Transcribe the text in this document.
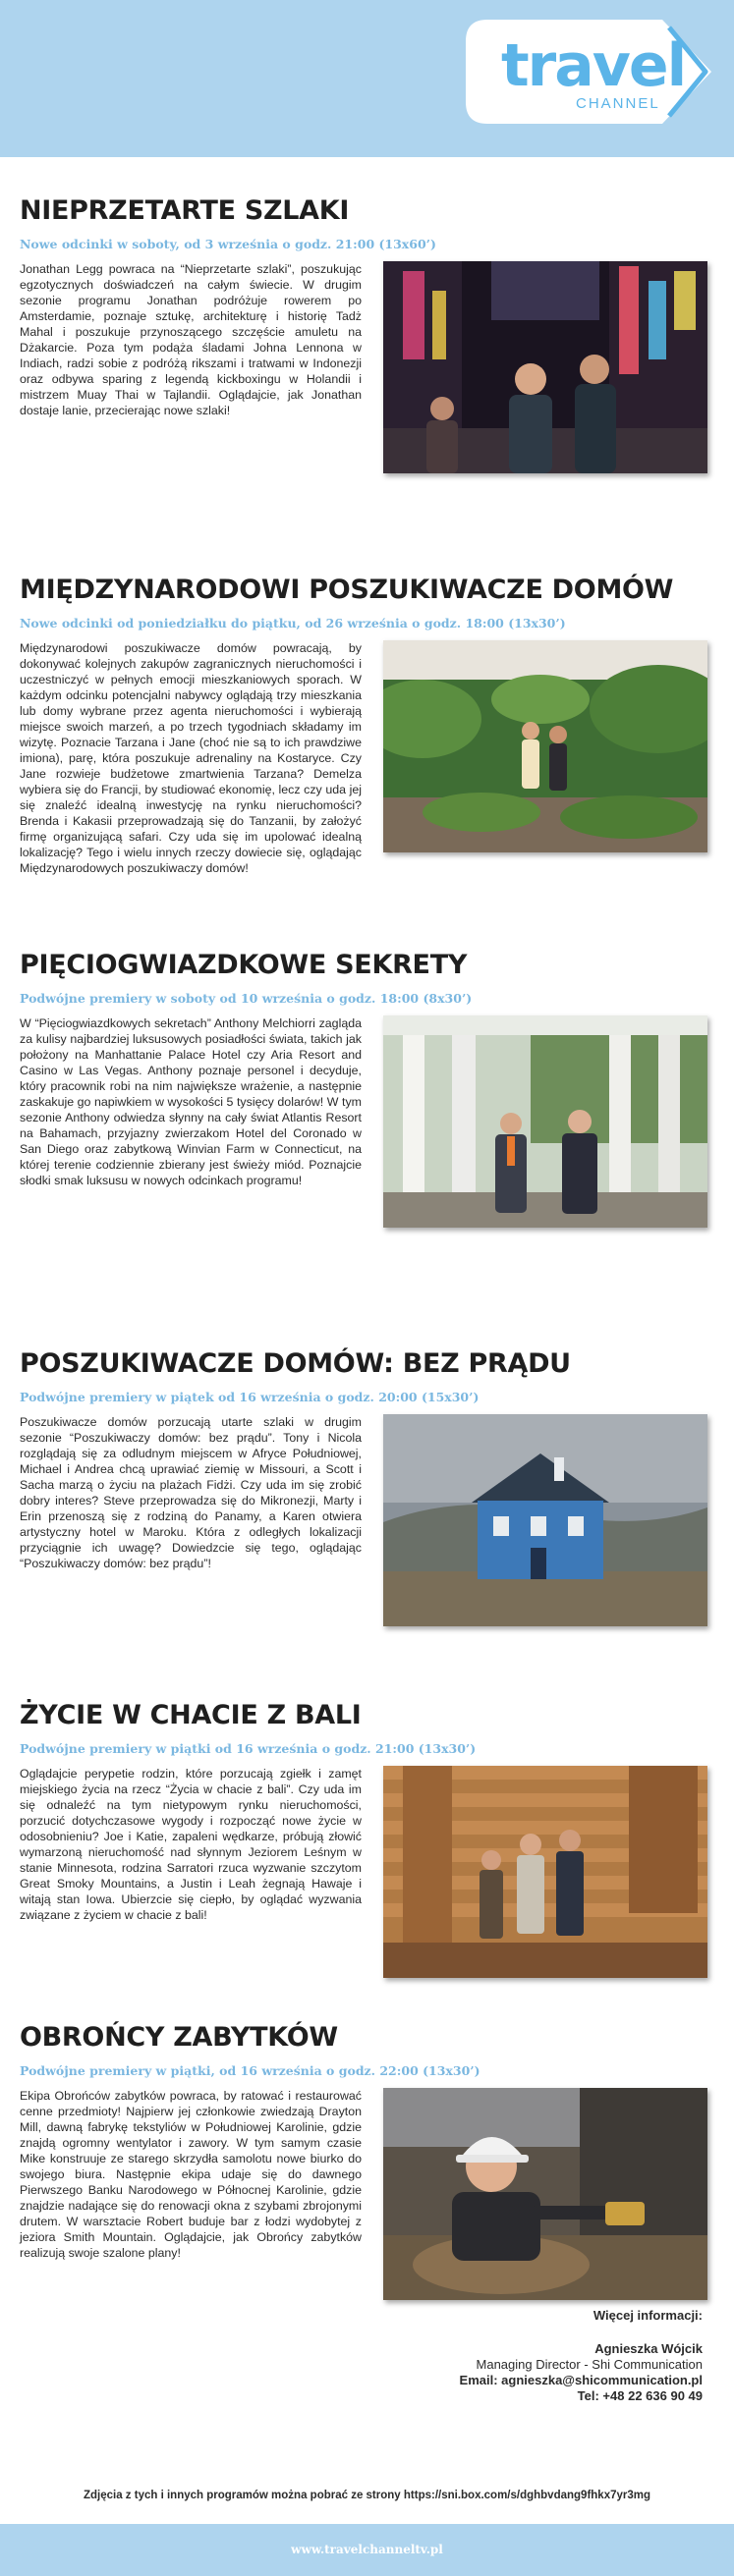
travel
CHANNEL
NIEPRZETARTE SZLAKI
Nowe odcinki w soboty, od 3 września o godz. 21:00 (13x60’)
Jonathan Legg powraca na “Nieprzetarte szlaki”, poszukując egzotycznych doświadczeń na całym świecie. W drugim sezonie programu Jonathan podróżuje rowerem po Amsterdamie, poznaje sztukę, architekturę i historię Tadż Mahal i poszukuje przynoszącego szczęście amuletu na Dżakarcie. Poza tym podąża śladami Johna Lennona w Indiach, radzi sobie z podróżą rikszami i tratwami w Indonezji oraz odbywa sparing z legendą kickboxingu w Holandii i mistrzem Muay Thai w Tajlandii. Oglądajcie, jak Jonathan dostaje lanie, przecierając nowe szlaki!
MIĘDZYNARODOWI POSZUKIWACZE DOMÓW
Nowe odcinki od poniedziałku do piątku, od 26 września o godz. 18:00 (13x30’)
Międzynarodowi poszukiwacze domów powracają, by dokonywać kolejnych zakupów zagranicznych nieruchomości i uczestniczyć w pełnych emocji mieszkaniowych sporach. W każdym odcinku potencjalni nabywcy oglądają trzy mieszkania lub domy wybrane przez agenta nieruchomości i wybierają miejsce swoich marzeń, a po trzech tygodniach składamy im wizytę. Poznacie Tarzana i Jane (choć nie są to ich prawdziwe imiona), parę, która poszukuje adrenaliny na Kostaryce. Czy Jane rozwieje budżetowe zmartwienia Tarzana? Demelza wybiera się do Francji, by studiować ekonomię, lecz czy uda jej się znaleźć idealną inwestycję na rynku nieruchomości? Brenda i Kakasii przeprowadzają się do Tanzanii, by założyć firmę organizującą safari. Czy uda się im upolować idealną lokalizację? Tego i wielu innych rzeczy dowiecie się, oglądając Międzynarodowych poszukiwaczy domów!
PIĘCIOGWIAZDKOWE SEKRETY
Podwójne premiery w soboty od 10 września o godz. 18:00 (8x30’)
W “Pięciogwiazdkowych sekretach” Anthony Melchiorri zagląda za kulisy najbardziej luksusowych posiadłości świata, takich jak położony na Manhattanie Palace Hotel czy Aria Resort and Casino w Las Vegas. Anthony poznaje personel i decyduje, który pracownik robi na nim największe wrażenie, a następnie zaskakuje go napiwkiem w wysokości 5 tysięcy dolarów! W tym sezonie Anthony odwiedza słynny na cały świat Atlantis Resort na Bahamach, przyjazny zwierzakom Hotel del Coronado w San Diego oraz zabytkową Winvian Farm w Connecticut, na której terenie codziennie zbierany jest świeży miód. Poznajcie słodki smak luksusu w nowych odcinkach programu!
POSZUKIWACZE DOMÓW: BEZ PRĄDU
Podwójne premiery w piątek od 16 września o godz. 20:00 (15x30’)
Poszukiwacze domów porzucają utarte szlaki w drugim sezonie “Poszukiwaczy domów: bez prądu”. Tony i Nicola rozglądają się za odludnym miejscem w Afryce Południowej, Michael i Andrea chcą uprawiać ziemię w Missouri, a Scott i Sacha marzą o życiu na plażach Fidżi. Czy uda im się zrobić dobry interes? Steve przeprowadza się do Mikronezji, Marty i Erin przenoszą się z rodziną do Panamy, a Karen otwiera artystyczny hotel w Maroku. Która z odległych lokalizacji przyciągnie ich uwagę? Dowiedzcie się tego, oglądając “Poszukiwaczy domów: bez prądu”!
ŻYCIE W CHACIE Z BALI
Podwójne premiery w piątki od 16 września o godz. 21:00 (13x30’)
Oglądajcie perypetie rodzin, które porzucają zgiełk i zamęt miejskiego życia na rzecz “Życia w chacie z bali”. Czy uda im się odnaleźć na tym nietypowym rynku nieruchomości, porzucić dotychczasowe wygody i rozpocząć nowe życie w odosobnieniu? Joe i Katie, zapaleni wędkarze, próbują złowić wymarzoną nieruchomość nad słynnym Jeziorem Leśnym w stanie Minnesota, rodzina Sarratori rzuca wyzwanie szczytom Great Smoky Mountains, a Justin i Leah żegnają Hawaje i witają stan Iowa. Ubierzcie się ciepło, by oglądać wyzwania związane z życiem w chacie z bali!
OBROŃCY ZABYTKÓW
Podwójne premiery w piątki, od 16 września o godz. 22:00 (13x30’)
Ekipa Obrońców zabytków powraca, by ratować i restaurować cenne przedmioty! Najpierw jej członkowie zwiedzają Drayton Mill, dawną fabrykę tekstyliów w Południowej Karolinie, gdzie znajdą ogromny wentylator i zawory. W tym samym czasie Mike konstruuje ze starego skrzydła samolotu nowe biurko do swojego biura. Następnie ekipa udaje się do dawnego Pierwszego Banku Narodowego w Północnej Karolinie, gdzie znajdzie nadające się do renowacji okna z szybami zbrojonymi drutem. W warsztacie Robert buduje bar z łodzi wydobytej z jeziora Smith Mountain. Oglądajcie, jak Obrońcy zabytków realizują swoje szalone plany!
Więcej informacji:
Agnieszka Wójcik
Managing Director - Shi Communication
Email: agnieszka@shicommunication.pl
Tel: +48 22 636 90 49
Zdjęcia z tych i innych programów można pobrać ze strony https://sni.box.com/s/dghbvdang9fhkx7yr3mg
www.travelchanneltv.pl
